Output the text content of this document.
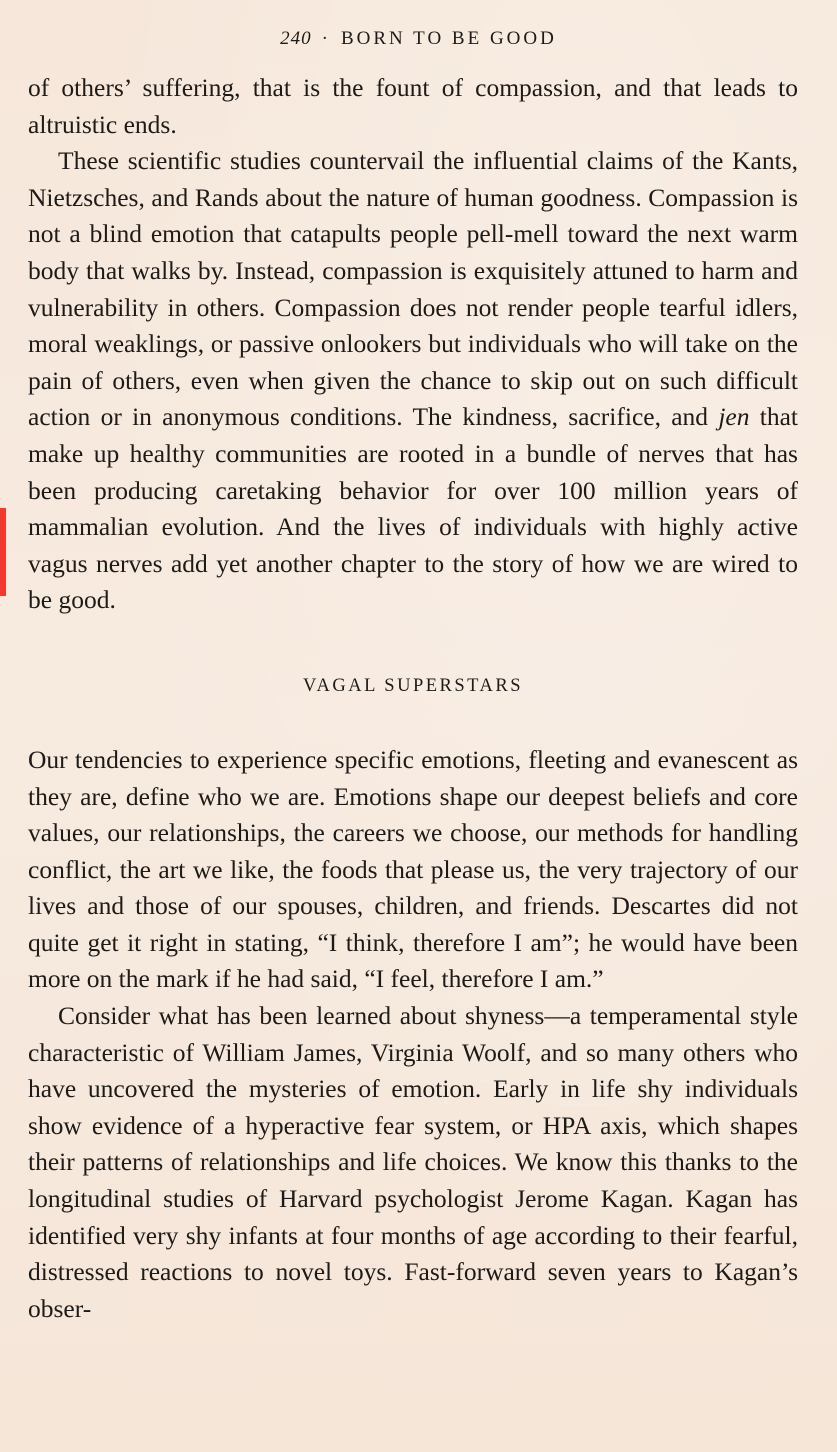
240 · BORN TO BE GOOD

of others’ suffering, that is the fount of compassion, and that leads to altruistic ends.

These scientific studies countervail the influential claims of the Kants, Nietzsches, and Rands about the nature of human goodness. Compassion is not a blind emotion that catapults people pell-mell toward the next warm body that walks by. Instead, compassion is exquisitely attuned to harm and vulnerability in others. Compassion does not render people tearful idlers, moral weaklings, or passive onlookers but individuals who will take on the pain of others, even when given the chance to skip out on such difficult action or in anonymous conditions. The kindness, sacrifice, and jen that make up healthy communities are rooted in a bundle of nerves that has been producing caretaking behavior for over 100 million years of mammalian evolution. And the lives of individuals with highly active vagus nerves add yet another chapter to the story of how we are wired to be good.

VAGAL SUPERSTARS

Our tendencies to experience specific emotions, fleeting and evanescent as they are, define who we are. Emotions shape our deepest beliefs and core values, our relationships, the careers we choose, our methods for handling conflict, the art we like, the foods that please us, the very trajectory of our lives and those of our spouses, children, and friends. Descartes did not quite get it right in stating, “I think, therefore I am”; he would have been more on the mark if he had said, “I feel, therefore I am.”

Consider what has been learned about shyness—a temperamental style characteristic of William James, Virginia Woolf, and so many others who have uncovered the mysteries of emotion. Early in life shy individuals show evidence of a hyperactive fear system, or HPA axis, which shapes their patterns of relationships and life choices. We know this thanks to the longitudinal studies of Harvard psychologist Jerome Kagan. Kagan has identified very shy infants at four months of age according to their fearful, distressed reactions to novel toys. Fast-forward seven years to Kagan’s obser-
